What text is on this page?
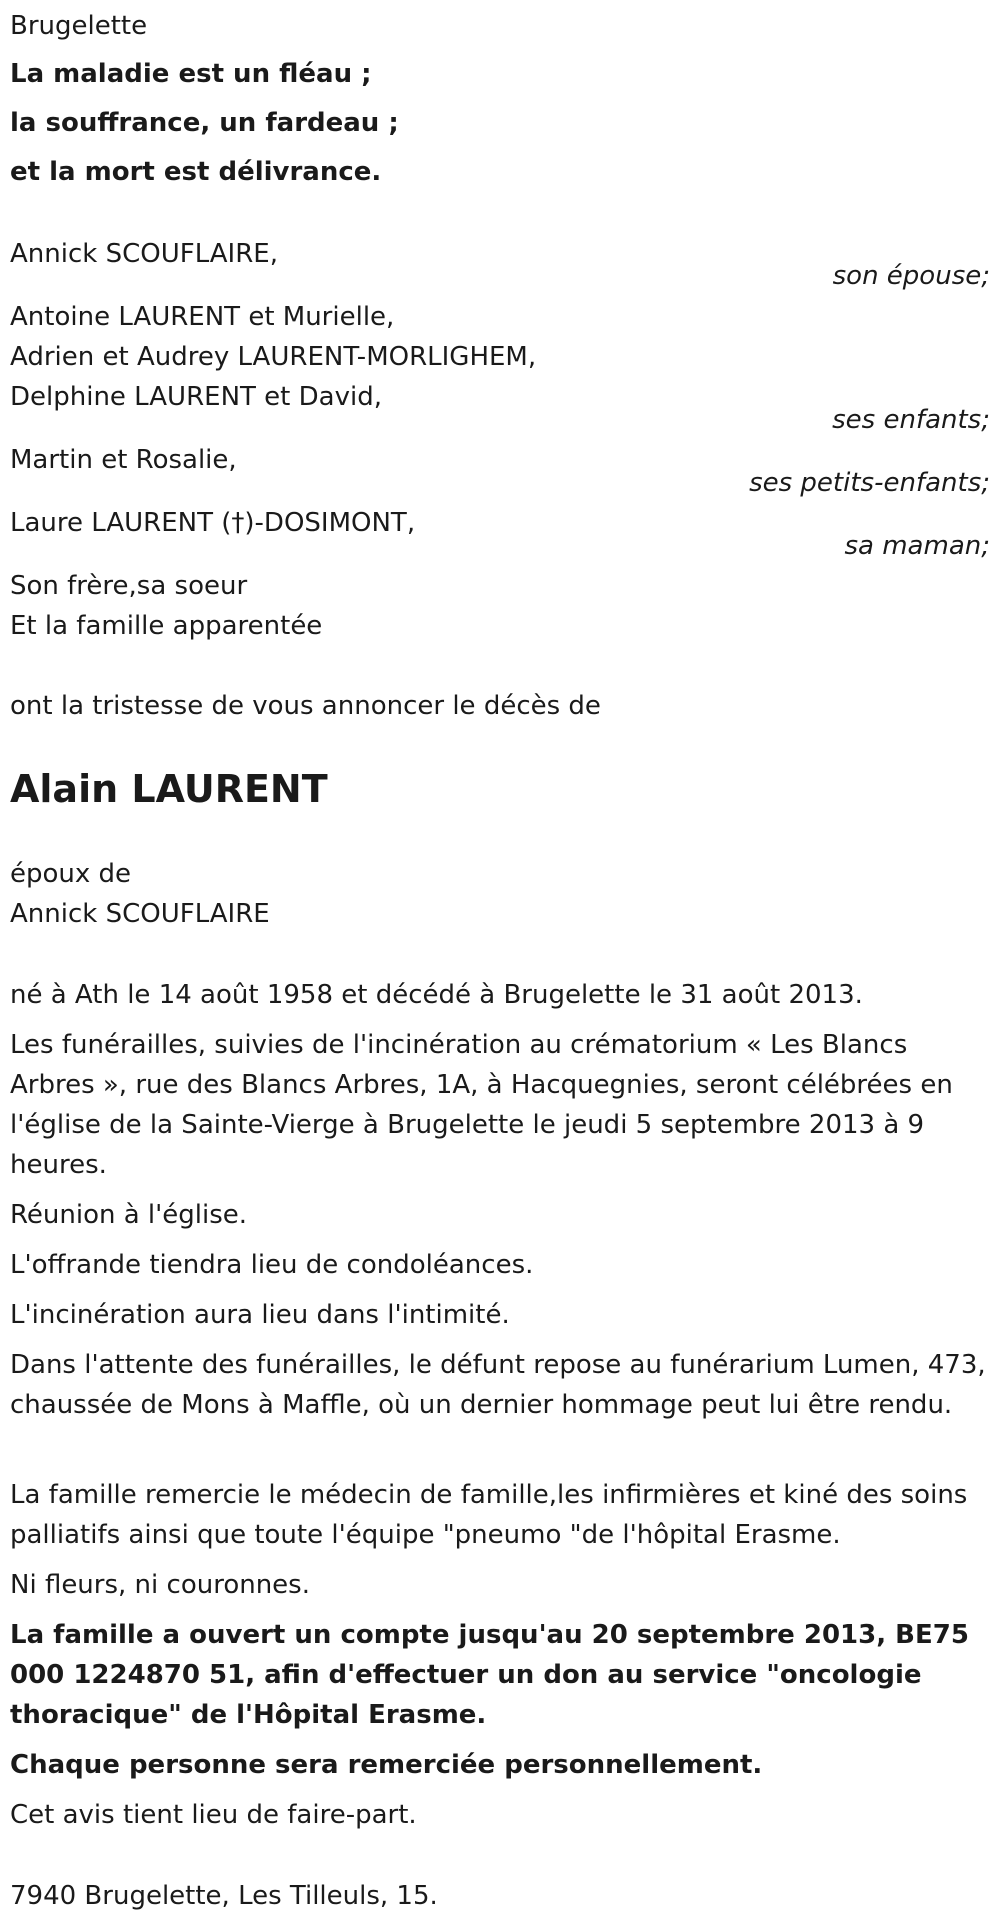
Brugelette
La maladie est un fléau ;
la souffrance, un fardeau ;
et la mort est délivrance.
Annick SCOUFLAIRE,
son épouse;
Antoine LAURENT et Murielle,
Adrien et Audrey LAURENT-MORLIGHEM,
Delphine LAURENT et David,
ses enfants;
Martin et Rosalie,
ses petits-enfants;
Laure LAURENT (†)-DOSIMONT,
sa maman;
Son frère,sa soeur
Et la famille apparentée
ont la tristesse de vous annoncer le décès de
Alain LAURENT
époux de
Annick SCOUFLAIRE
né à Ath le 14 août 1958 et décédé à Brugelette le 31 août 2013.

Les funérailles, suivies de l'incinération au crématorium « Les Blancs Arbres », rue des Blancs Arbres, 1A, à Hacquegnies, seront célébrées en l'église de la Sainte-Vierge à Brugelette le jeudi 5 septembre 2013 à 9 heures.

Réunion à l'église.
L'offrande tiendra lieu de condoléances.
L'incinération aura lieu dans l'intimité.

Dans l'attente des funérailles, le défunt repose au funérarium Lumen, 473, chaussée de Mons à Maffle, où un dernier hommage peut lui être rendu.

La famille remercie le médecin de famille,les infirmières et kiné des soins palliatifs ainsi que toute l'équipe "pneumo "de l'hôpital Erasme.

Ni fleurs, ni couronnes.

La famille a ouvert un compte jusqu'au 20 septembre 2013, BE75 000 1224870 51, afin d'effectuer un don au service "oncologie thoracique" de l'Hôpital Erasme.

Chaque personne sera remerciée personnellement.
Cet avis tient lieu de faire-part.
7940 Brugelette, Les Tilleuls, 15.
